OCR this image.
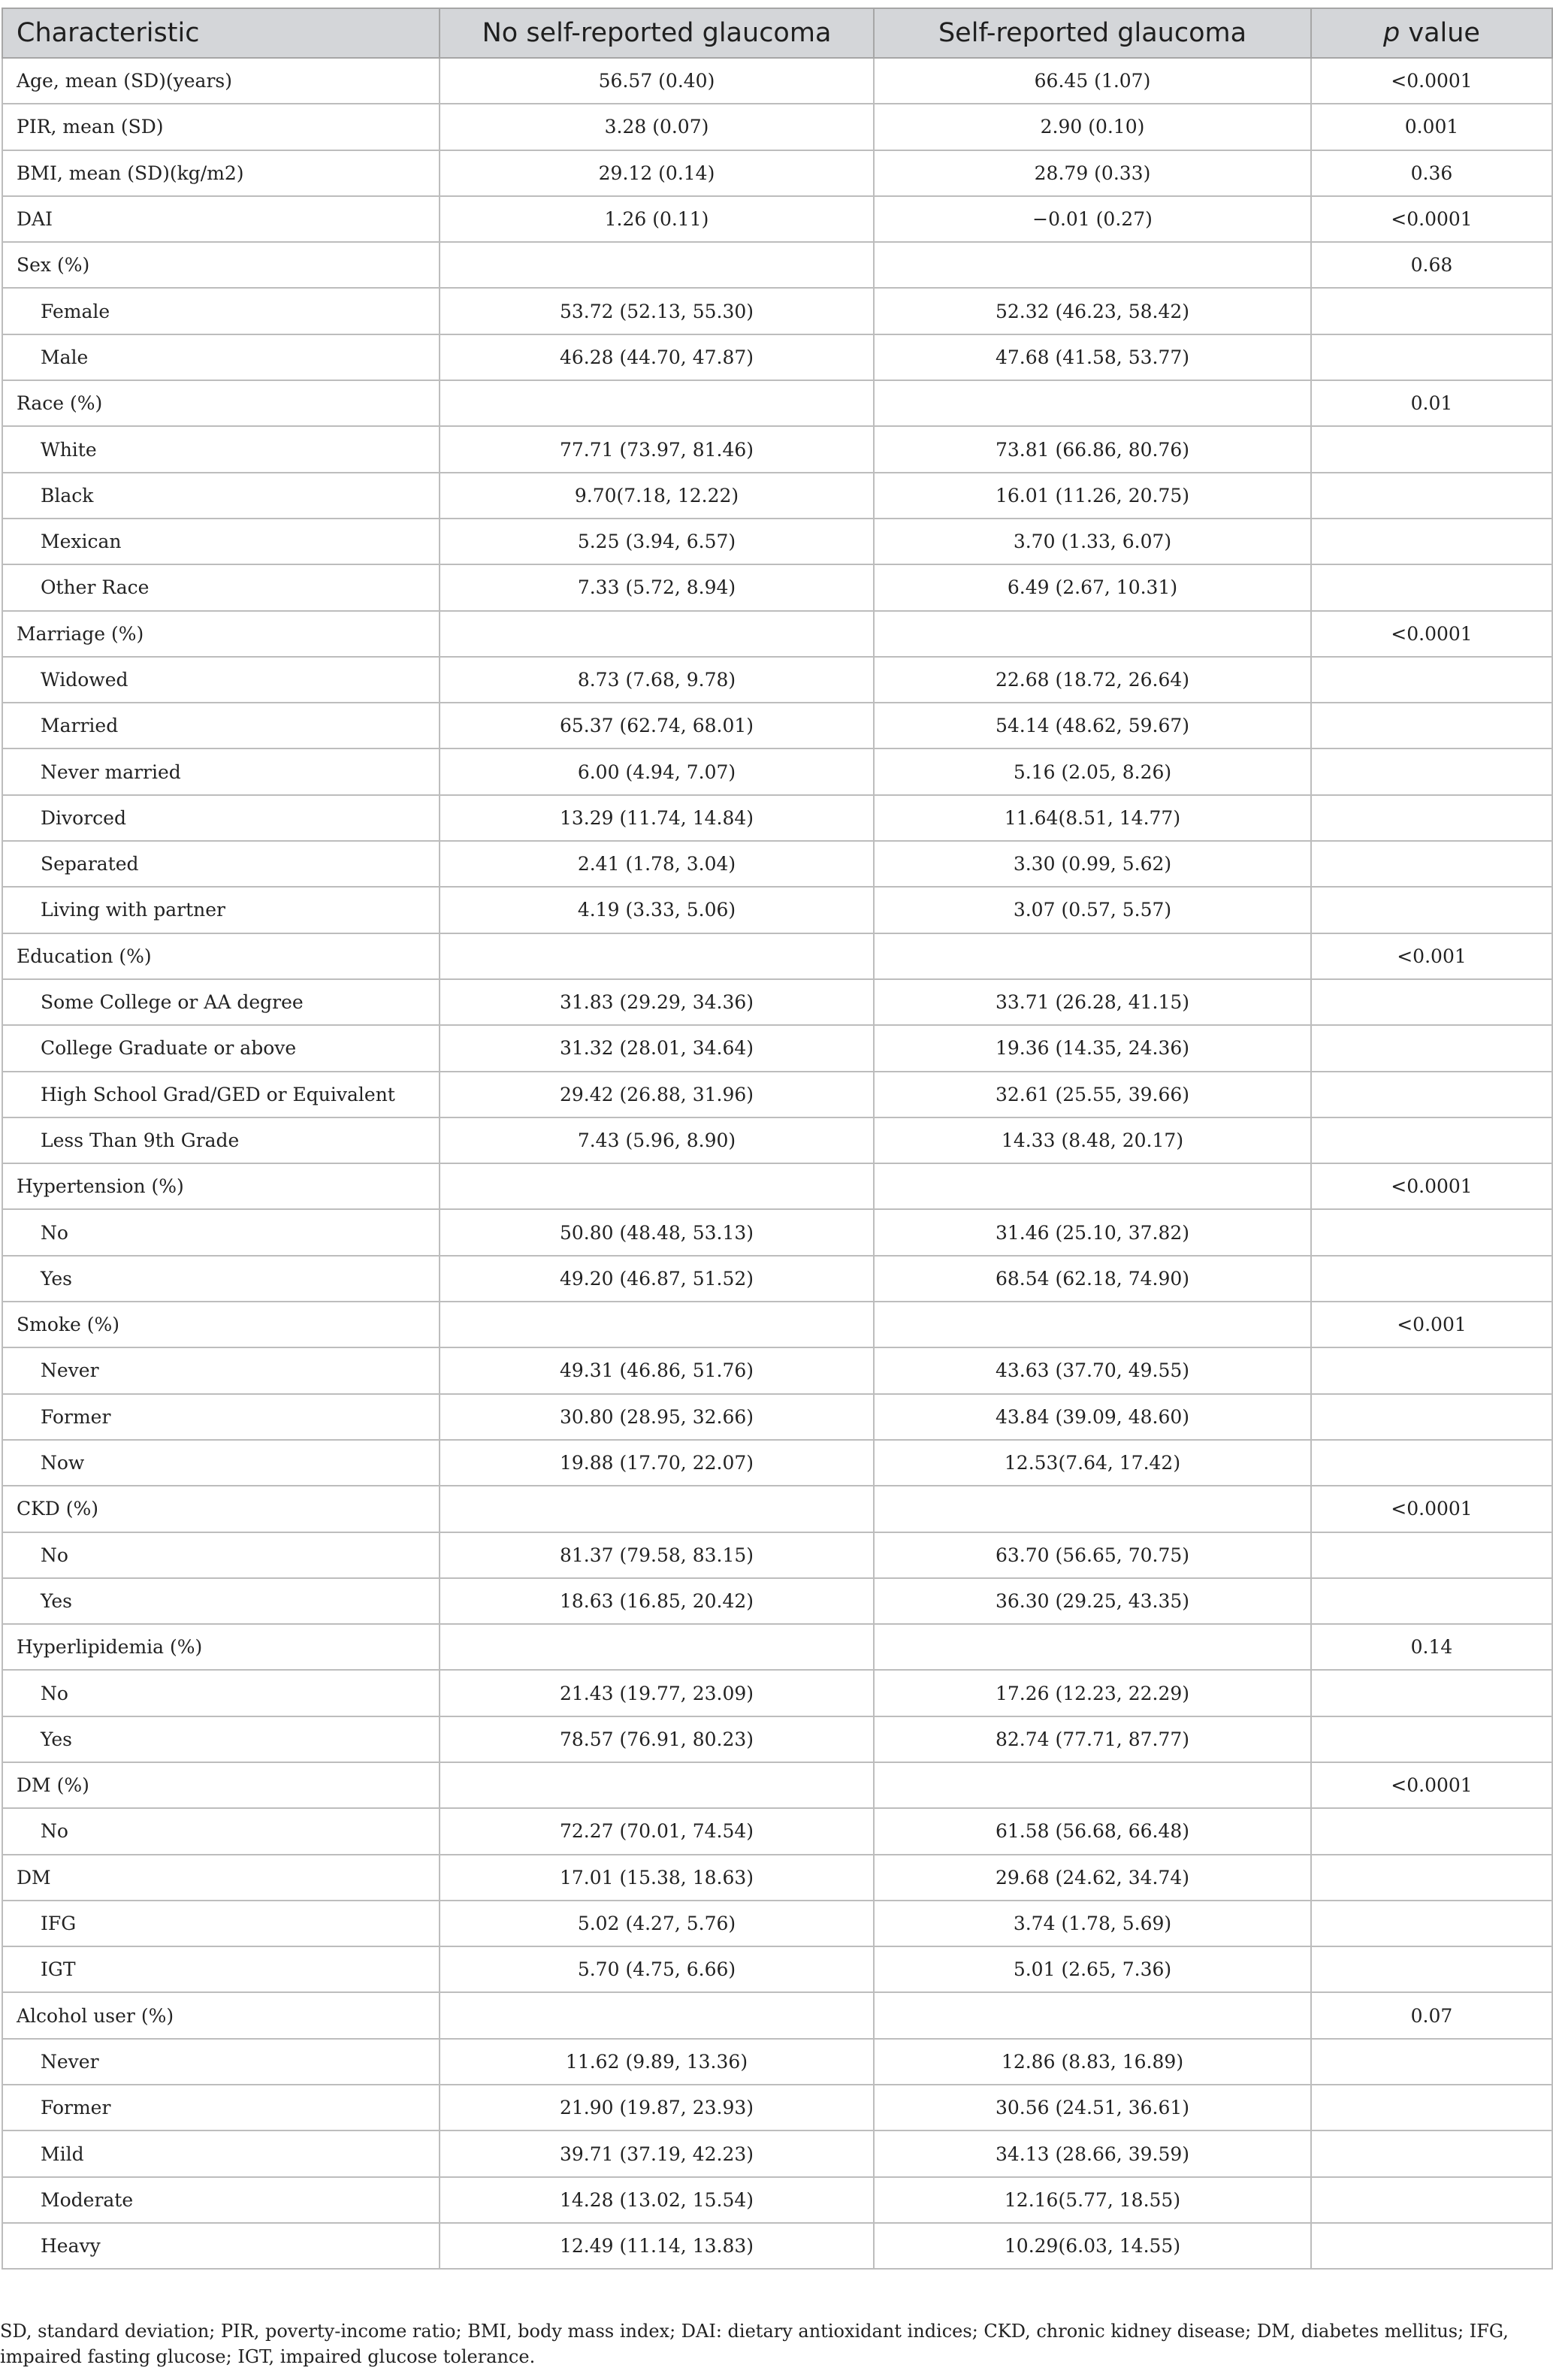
Characteristic	No self-reported glaucoma	Self-reported glaucoma	p value
Age, mean (SD)(years)	56.57 (0.40)	66.45 (1.07)	<0.0001
PIR, mean (SD)	3.28 (0.07)	2.90 (0.10)	0.001
BMI, mean (SD)(kg/m2)	29.12 (0.14)	28.79 (0.33)	0.36
DAI	1.26 (0.11)	−0.01 (0.27)	<0.0001
Sex (%)			0.68
Female	53.72 (52.13, 55.30)	52.32 (46.23, 58.42)	
Male	46.28 (44.70, 47.87)	47.68 (41.58, 53.77)	
Race (%)			0.01
White	77.71 (73.97, 81.46)	73.81 (66.86, 80.76)	
Black	9.70(7.18, 12.22)	16.01 (11.26, 20.75)	
Mexican	5.25 (3.94, 6.57)	3.70 (1.33, 6.07)	
Other Race	7.33 (5.72, 8.94)	6.49 (2.67, 10.31)	
Marriage (%)			<0.0001
Widowed	8.73 (7.68, 9.78)	22.68 (18.72, 26.64)	
Married	65.37 (62.74, 68.01)	54.14 (48.62, 59.67)	
Never married	6.00 (4.94, 7.07)	5.16 (2.05, 8.26)	
Divorced	13.29 (11.74, 14.84)	11.64(8.51, 14.77)	
Separated	2.41 (1.78, 3.04)	3.30 (0.99, 5.62)	
Living with partner	4.19 (3.33, 5.06)	3.07 (0.57, 5.57)	
Education (%)			<0.001
Some College or AA degree	31.83 (29.29, 34.36)	33.71 (26.28, 41.15)	
College Graduate or above	31.32 (28.01, 34.64)	19.36 (14.35, 24.36)	
High School Grad/GED or Equivalent	29.42 (26.88, 31.96)	32.61 (25.55, 39.66)	
Less Than 9th Grade	7.43 (5.96, 8.90)	14.33 (8.48, 20.17)	
Hypertension (%)			<0.0001
No	50.80 (48.48, 53.13)	31.46 (25.10, 37.82)	
Yes	49.20 (46.87, 51.52)	68.54 (62.18, 74.90)	
Smoke (%)			<0.001
Never	49.31 (46.86, 51.76)	43.63 (37.70, 49.55)	
Former	30.80 (28.95, 32.66)	43.84 (39.09, 48.60)	
Now	19.88 (17.70, 22.07)	12.53(7.64, 17.42)	
CKD (%)			<0.0001
No	81.37 (79.58, 83.15)	63.70 (56.65, 70.75)	
Yes	18.63 (16.85, 20.42)	36.30 (29.25, 43.35)	
Hyperlipidemia (%)			0.14
No	21.43 (19.77, 23.09)	17.26 (12.23, 22.29)	
Yes	78.57 (76.91, 80.23)	82.74 (77.71, 87.77)	
DM (%)			<0.0001
No	72.27 (70.01, 74.54)	61.58 (56.68, 66.48)	
DM	17.01 (15.38, 18.63)	29.68 (24.62, 34.74)	
IFG	5.02 (4.27, 5.76)	3.74 (1.78, 5.69)	
IGT	5.70 (4.75, 6.66)	5.01 (2.65, 7.36)	
Alcohol user (%)			0.07
Never	11.62 (9.89, 13.36)	12.86 (8.83, 16.89)	
Former	21.90 (19.87, 23.93)	30.56 (24.51, 36.61)	
Mild	39.71 (37.19, 42.23)	34.13 (28.66, 39.59)	
Moderate	14.28 (13.02, 15.54)	12.16(5.77, 18.55)	
Heavy	12.49 (11.14, 13.83)	10.29(6.03, 14.55)	
SD, standard deviation; PIR, poverty-income ratio; BMI, body mass index; DAI: dietary antioxidant indices; CKD, chronic kidney disease; DM, diabetes mellitus; IFG, impaired fasting glucose; IGT, impaired glucose tolerance.
